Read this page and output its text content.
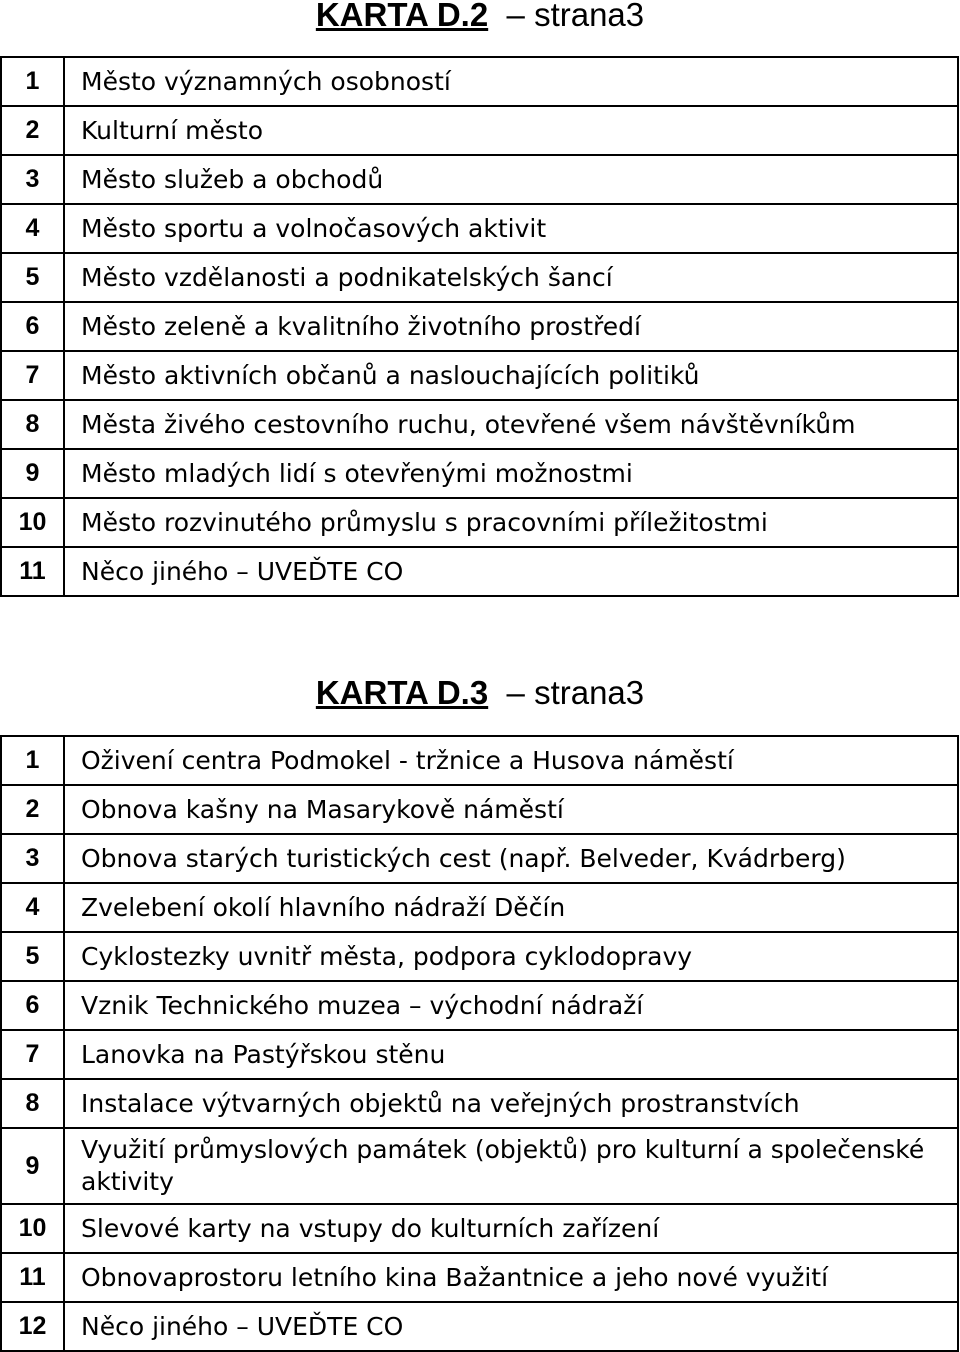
KARTA D.2 – strana3
1	Město významných osobností
2	Kulturní město
3	Město služeb a obchodů
4	Město sportu a volnočasových aktivit
5	Město vzdělanosti a podnikatelských šancí
6	Město zeleně a kvalitního životního prostředí
7	Město aktivních občanů a naslouchajících politiků
8	Města živého cestovního ruchu, otevřené všem návštěvníkům
9	Město mladých lidí s otevřenými možnostmi
10	Město rozvinutého průmyslu s pracovními příležitostmi
11	Něco jiného – UVEĎTE CO
KARTA D.3 – strana3
1	Oživení centra Podmokel - tržnice a Husova náměstí
2	Obnova kašny na Masarykově náměstí
3	Obnova starých turistických cest (např. Belveder, Kvádrberg)
4	Zvelebení okolí hlavního nádraží Děčín
5	Cyklostezky uvnitř města, podpora cyklodopravy
6	Vznik Technického muzea – východní nádraží
7	Lanovka na Pastýřskou stěnu
8	Instalace výtvarných objektů na veřejných prostranstvích
9	Využití průmyslových památek (objektů) pro kulturní a společenské aktivity
10	Slevové karty na vstupy do kulturních zařízení
11	Obnovaprostoru letního kina Bažantnice a jeho nové využití
12	Něco jiného – UVEĎTE CO
